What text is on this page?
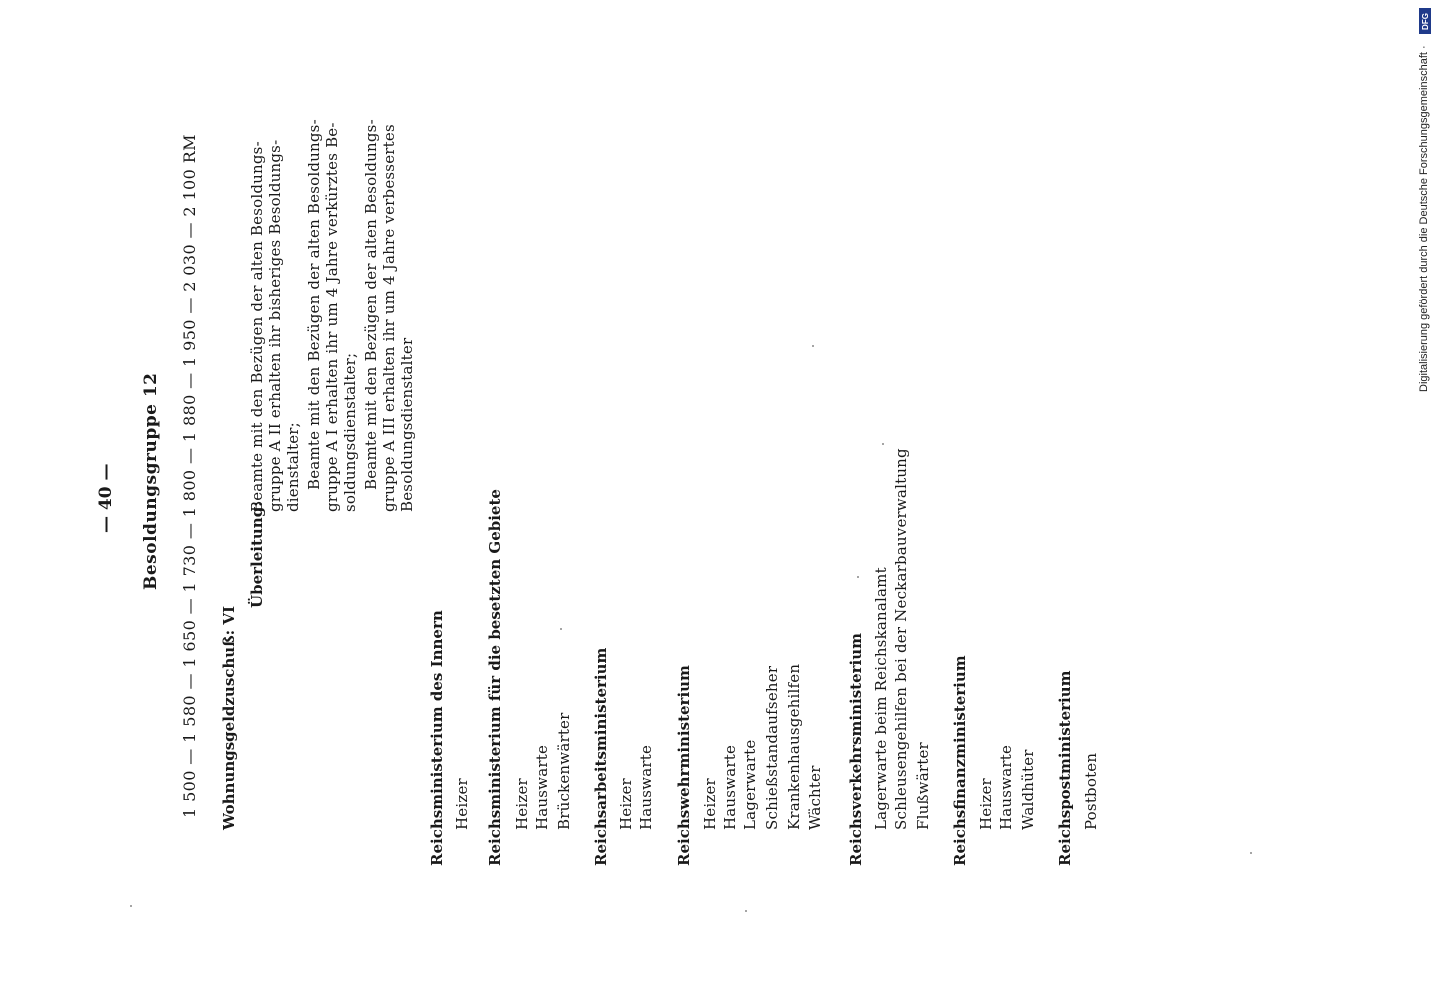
— 40 — Besoldungsgruppe 12 1 500 — 1 580 — 1 650 — 1 730 — 1 800 — 1 880 — 1 950 — 2 030 — 2 100 RM Wohnungsgeldzuschuß: VI
Überleitung:
Beamte mit den Bezügen der alten Besoldungs- gruppe A II erhalten ihr bisheriges Besoldungs- dienstalter; Beamte mit den Bezügen der alten Besoldungs- gruppe A I erhalten ihr um 4 Jahre verkürztes Be- soldungsdienstalter; Beamte mit den Bezügen der alten Besoldungs- gruppe A III erhalten ihr um 4 Jahre verbessertes Besoldungsdienstalter
Reichsministerium des Innern Heizer Reichsministerium für die besetzten Gebiete Heizer Hauswarte Brückenwärter Reichsarbeitsministerium Heizer Hauswarte Reichswehrministerium Heizer Hauswarte Lagerwarte Schießstandaufseher Krankenhausgehilfen Wächter Reichsverkehrsministerium Lagerwarte beim Reichskanalamt Schleusengehilfen bei der Neckarbauverwaltung Flußwärter Reichsfinanzministerium Heizer Hauswarte Waldhüter Reichspostministerium Postboten
Digitalisierung gefördert durch die Deutsche Forschungsgemeinschaft ·
DFG
